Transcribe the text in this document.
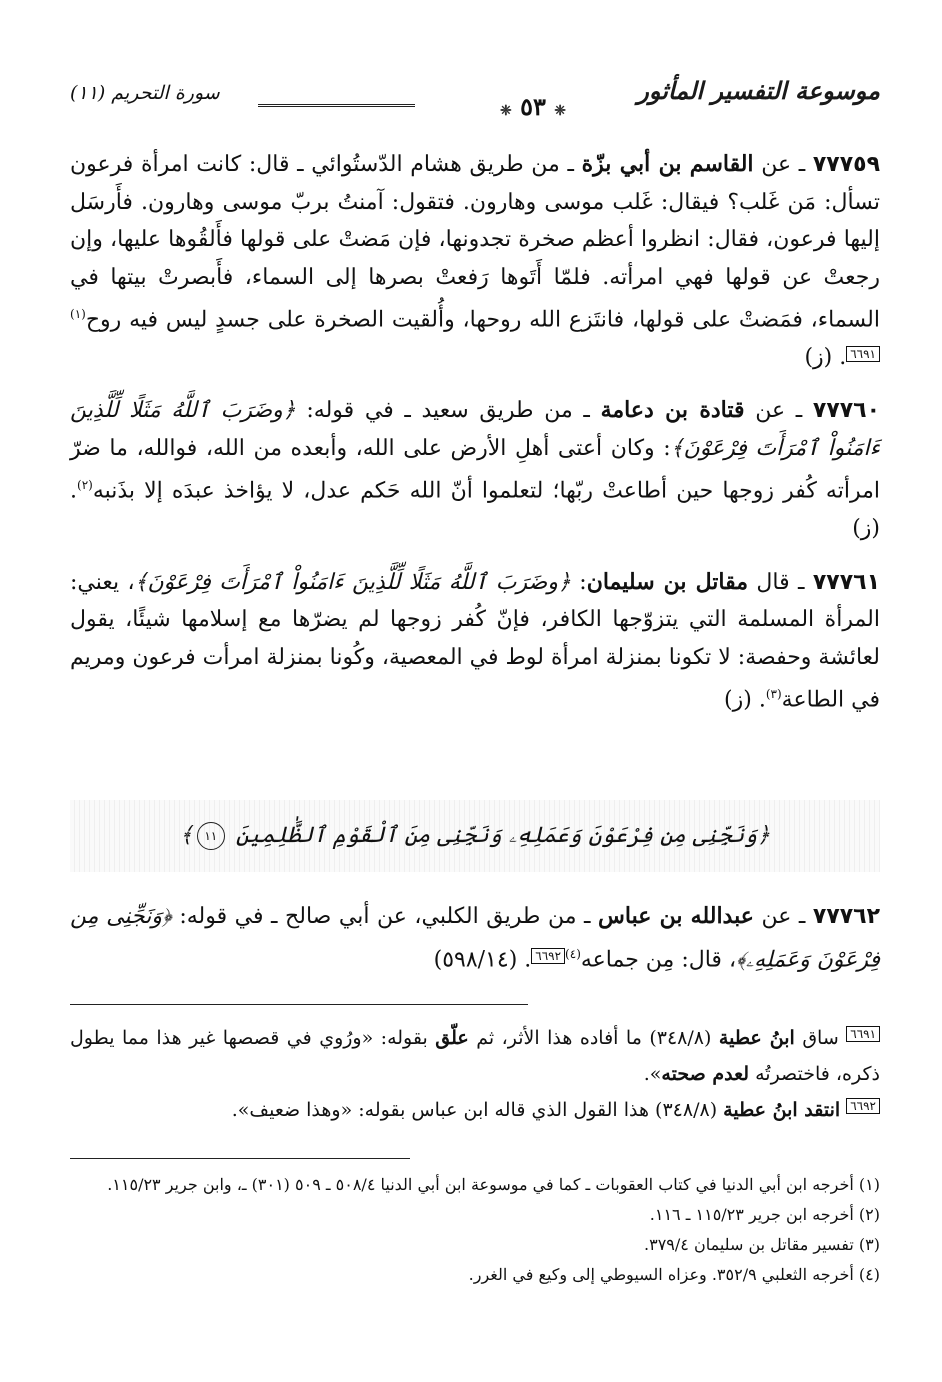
موسوعة التفسير المأثور
❈ ٥٣ ❈
سورة التحريم (١١)

٧٧٧٥٩ ـ عن القاسم بن أبي بزّة ـ من طريق هشام الدّستُوائي ـ قال: كانت امرأة فرعون تسأل: مَن غَلب؟ فيقال: غَلب موسى وهارون. فتقول: آمنتُ بربّ موسى وهارون. فأَرسَل إليها فرعون، فقال: انظروا أعظم صخرة تجدونها، فإن مَضتْ على قولها فأَلقُوها عليها، وإن رجعتْ عن قولها فهي امرأته. فلمّا أَتَوها رَفعتْ بصرها إلى السماء، فأَبصرتْ بيتها في السماء، فمَضتْ على قولها، فانتَزع الله روحها، وأُلقيت الصخرة على جسدٍ ليس فيه روح$^{(١)}$٦٦٩١. (ز)

٧٧٧٦٠ ـ عن قتادة بن دعامة ـ من طريق سعيد ـ في قوله: ﴿وضَرَبَ ٱللَّهُ مَثَلًا لِّلَّذِينَ ءَامَنُواْ ٱمْرَأَتَ فِرْعَوْنَ﴾: وكان أعتى أهلِ الأرض على الله، وأبعده من الله، فوالله، ما ضرّ امرأته كُفر زوجها حين أطاعتْ ربّها؛ لتعلموا أنّ الله حَكم عدل، لا يؤاخذ عبدَه إلا بذَنبه$^{(٢)}$. (ز)

٧٧٧٦١ ـ قال مقاتل بن سليمان: ﴿وضَرَبَ ٱللَّهُ مَثَلًا لِّلَّذِينَ ءَامَنُواْ ٱمْرَأَتَ فِرْعَوْنَ﴾، يعني: المرأة المسلمة التي يتزوّجها الكافر، فإنّ كُفر زوجها لم يضرّها مع إسلامها شيئًا، يقول لعائشة وحفصة: لا تكونا بمنزلة امرأة لوط في المعصية، وكُونا بمنزلة امرأت فرعون ومريم في الطاعة$^{(٣)}$. (ز)

﴿وَنَجِّنِى مِن فِرْعَوْنَ وَعَمَلِهِۦ وَنَجِّنِى مِنَ ٱلْقَوْمِ ٱلظَّٰلِمِينَ ١١﴾

٧٧٧٦٢ ـ عن عبدالله بن عباس ـ من طريق الكلبي، عن أبي صالح ـ في قوله: ﴿وَنَجِّنِى مِن فِرْعَوْنَ وَعَمَلِهِۦ﴾، قال: مِن جماعه$^{(٤)}$٦٦٩٢. (٥٩٨/١٤)

٦٦٩١ ساق ابنُ عطية (٣٤٨/٨) ما أفاده هذا الأثر، ثم علّق بقوله: «ورُوي في قصصها غير هذا مما يطول ذكره، فاختصرتُه لعدم صحته».

٦٦٩٢ انتقد ابنُ عطية (٣٤٨/٨) هذا القول الذي قاله ابن عباس بقوله: «وهذا ضعيف».

(١) أخرجه ابن أبي الدنيا في كتاب العقوبات ـ كما في موسوعة ابن أبي الدنيا ٥٠٨/٤ ـ ٥٠٩ (٣٠١) ـ، وابن جرير ١١٥/٢٣.

(٢) أخرجه ابن جرير ١١٥/٢٣ ـ ١١٦.

(٣) تفسير مقاتل بن سليمان ٣٧٩/٤.

(٤) أخرجه الثعلبي ٣٥٢/٩. وعزاه السيوطي إلى وكيع في الغرر.
